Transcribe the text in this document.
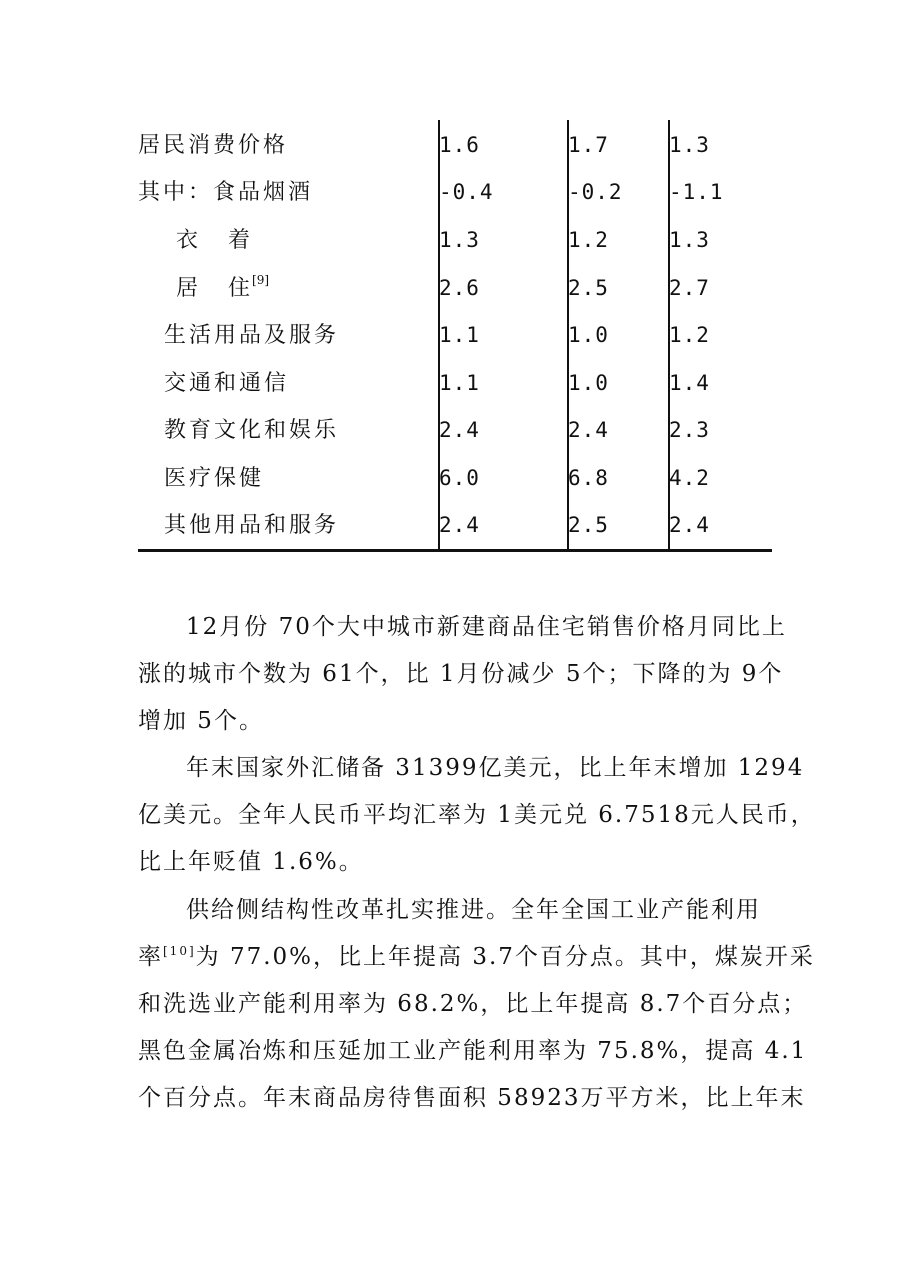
居民消费价格	1.6	1.7	1.3
其中：食品烟酒	-0.4	-0.2 -1.1
衣 着	1.3	1.2	1.3
居 住[9]	2.6	2.5	2.7
生活用品及服务	1.1	1.0	1.2
交通和通信	1.1	1.0	1.4
教育文化和娱乐	2.4	2.4	2.3
医疗保健	6.0	6.8	4.2
其他用品和服务	2.4	2.5	2.4
12月份 70个大中城市新建商品住宅销售价格月同比上
涨的城市个数为 61个，比 1月份减少 5个；下降的为 9个
增加 5个。
年末国家外汇储备 31399亿美元，比上年末增加 1294
亿美元。全年人民币平均汇率为 1美元兑 6.7518元人民币，
比上年贬值 1.6%。
供给侧结构性改革扎实推进。全年全国工业产能利用
率[10]为 77.0%，比上年提高 3.7个百分点。其中，煤炭开采
和洗选业产能利用率为 68.2%，比上年提高 8.7个百分点；
黑色金属冶炼和压延加工业产能利用率为 75.8%，提高 4.1
个百分点。年末商品房待售面积 58923万平方米，比上年末
